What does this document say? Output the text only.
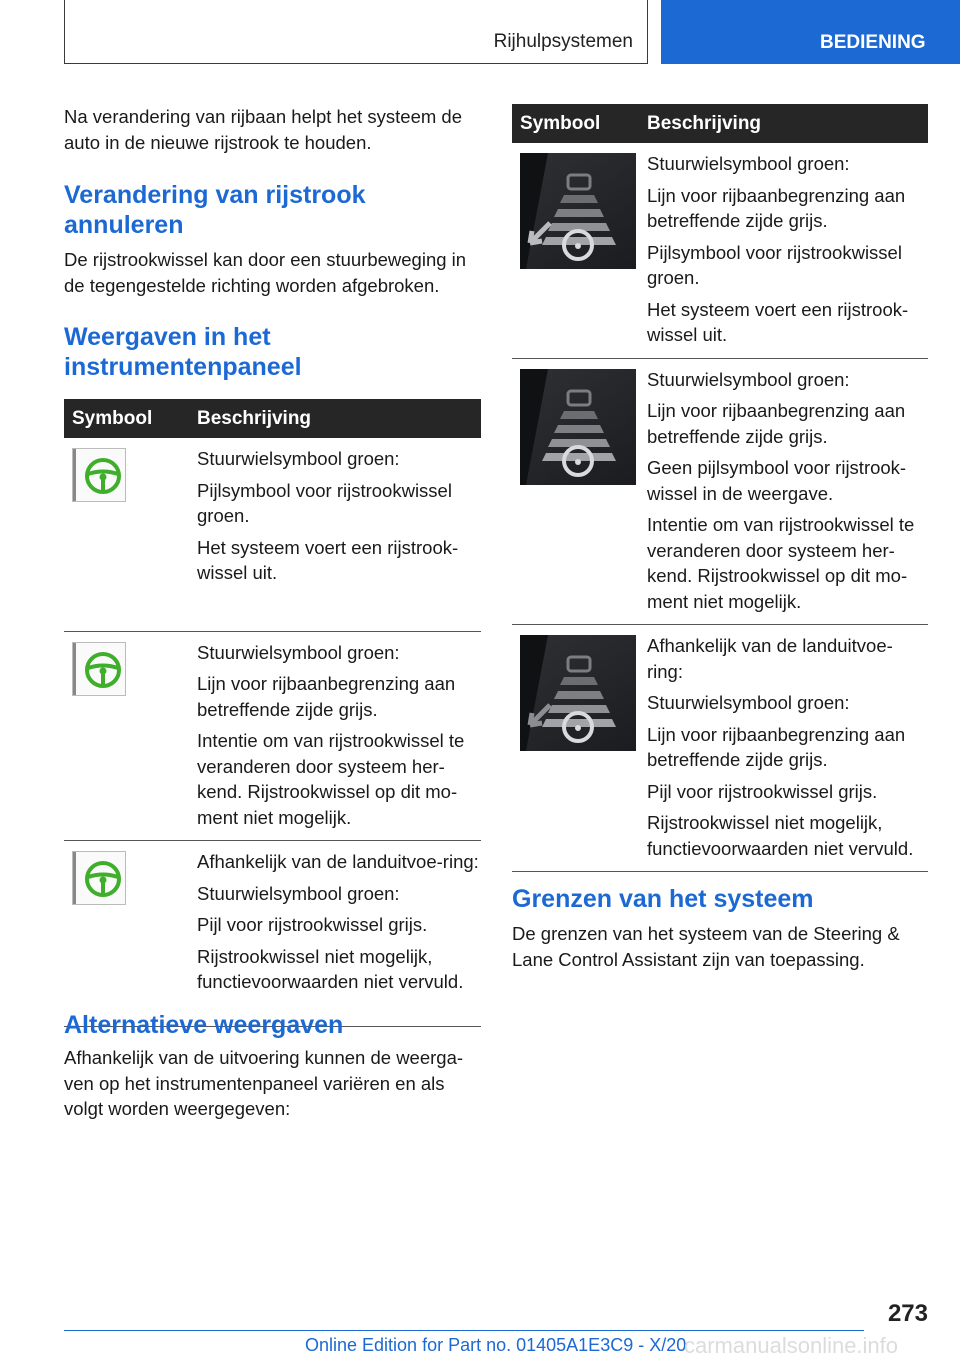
Rijhulpsystemen	BEDIENING

Na verandering van rijbaan helpt het systeem de auto in de nieuwe rijstrook te houden.

Verandering van rijstrook annuleren

De rijstrookwissel kan door een stuurbeweging in de tegengestelde richting worden afgebroken.

Weergaven in het instrumentenpaneel
Symbool	Beschrijving

Stuurwielsymbool groen:
Pijlsymbool voor rijstrookwissel groen.
Het systeem voert een rijstrook-wissel uit.

Stuurwielsymbool groen:
Lijn voor rijbaanbegrenzing aan betreffende zijde grijs.
Intentie om van rijstrookwissel te veranderen door systeem her-kend. Rijstrookwissel op dit mo-ment niet mogelijk.

Afhankelijk van de landuitvoe-ring:
Stuurwielsymbool groen:
Pijl voor rijstrookwissel grijs.
Rijstrookwissel niet mogelijk, functievoorwaarden niet vervuld.
Alternatieve weergaven

Afhankelijk van de uitvoering kunnen de weerga-ven op het instrumentenpaneel variëren en als volgt worden weergegeven:

Symbool	Beschrijving

Stuurwielsymbool groen:
Lijn voor rijbaanbegrenzing aan betreffende zijde grijs.
Pijlsymbool voor rijstrookwissel groen.
Het systeem voert een rijstrook-wissel uit.

Stuurwielsymbool groen:
Lijn voor rijbaanbegrenzing aan betreffende zijde grijs.
Geen pijlsymbool voor rijstrook-wissel in de weergave.
Intentie om van rijstrookwissel te veranderen door systeem her-kend. Rijstrookwissel op dit mo-ment niet mogelijk.

Afhankelijk van de landuitvoe-ring:
Stuurwielsymbool groen:
Lijn voor rijbaanbegrenzing aan betreffende zijde grijs.
Pijl voor rijstrookwissel grijs.
Rijstrookwissel niet mogelijk, functievoorwaarden niet vervuld.
Grenzen van het systeem

De grenzen van het systeem van de Steering & Lane Control Assistant zijn van toepassing.

273
Online Edition for Part no. 01405A1E3C9 - X/20
carmanualsonline.info
